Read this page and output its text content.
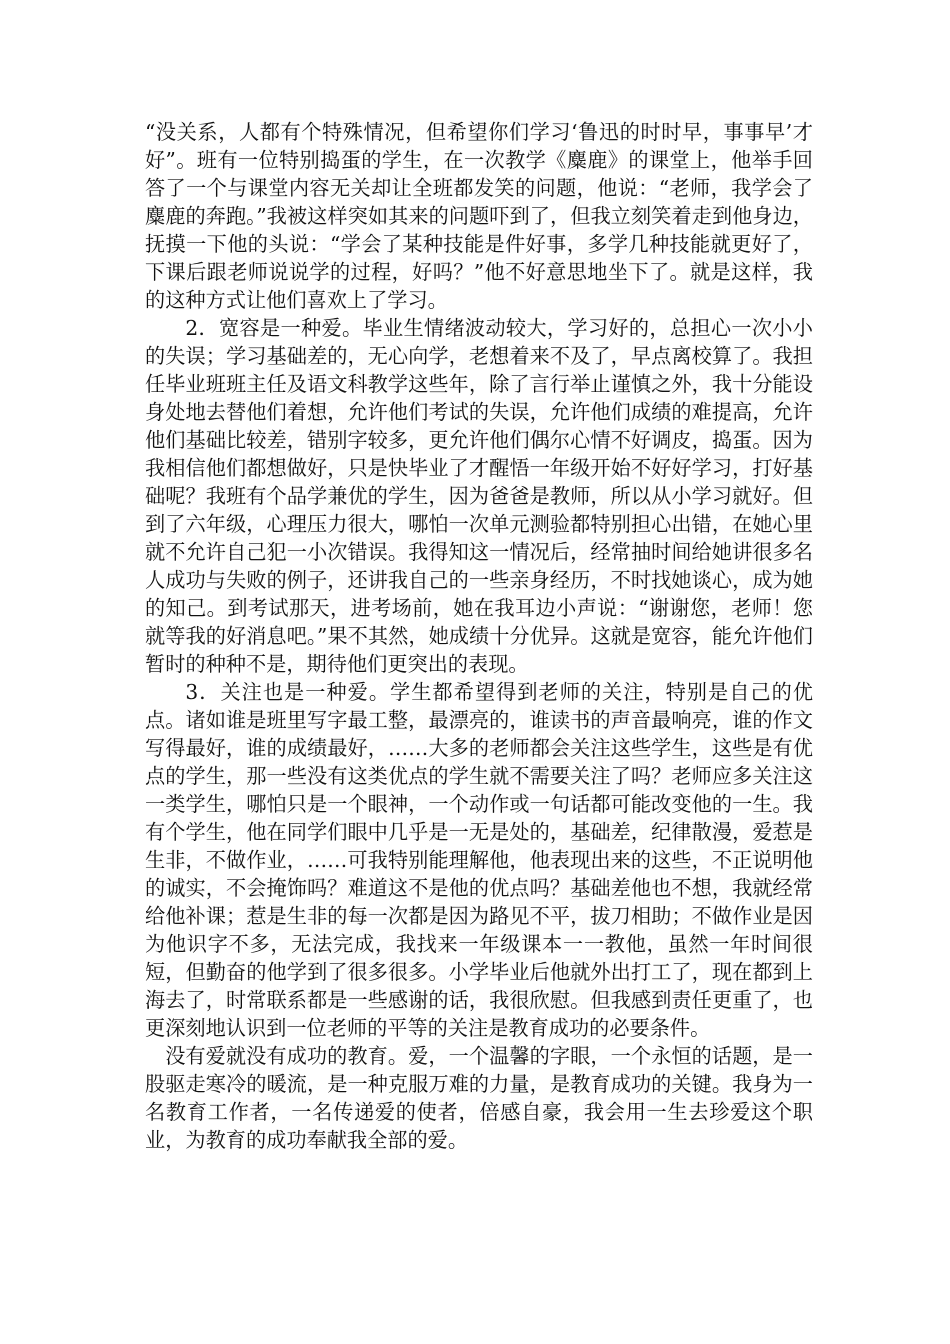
“没关系，人都有个特殊情况，但希望你们学习‘鲁迅的时时早，事事早’才好”。班有一位特别捣蛋的学生，在一次教学《麋鹿》的课堂上，他举手回答了一个与课堂内容无关却让全班都发笑的问题，他说：“老师，我学会了麋鹿的奔跑。”我被这样突如其来的问题吓到了，但我立刻笑着走到他身边，抚摸一下他的头说：“学会了某种技能是件好事，多学几种技能就更好了，下课后跟老师说说学的过程，好吗？”他不好意思地坐下了。就是这样，我的这种方式让他们喜欢上了学习。

2．宽容是一种爱。毕业生情绪波动较大，学习好的，总担心一次小小的失误；学习基础差的，无心向学，老想着来不及了，早点离校算了。我担任毕业班班主任及语文科教学这些年，除了言行举止谨慎之外，我十分能设身处地去替他们着想，允许他们考试的失误，允许他们成绩的难提高，允许他们基础比较差，错别字较多，更允许他们偶尔心情不好调皮，捣蛋。因为我相信他们都想做好，只是快毕业了才醒悟一年级开始不好好学习，打好基础呢？我班有个品学兼优的学生，因为爸爸是教师，所以从小学习就好。但到了六年级，心理压力很大，哪怕一次单元测验都特别担心出错，在她心里就不允许自己犯一小次错误。我得知这一情况后，经常抽时间给她讲很多名人成功与失败的例子，还讲我自己的一些亲身经历，不时找她谈心，成为她的知己。到考试那天，进考场前，她在我耳边小声说：“谢谢您，老师！您就等我的好消息吧。”果不其然，她成绩十分优异。这就是宽容，能允许他们暂时的种种不是，期待他们更突出的表现。

3．关注也是一种爱。学生都希望得到老师的关注，特别是自己的优点。诸如谁是班里写字最工整，最漂亮的，谁读书的声音最响亮，谁的作文写得最好，谁的成绩最好，……大多的老师都会关注这些学生，这些是有优点的学生，那一些没有这类优点的学生就不需要关注了吗？老师应多关注这一类学生，哪怕只是一个眼神，一个动作或一句话都可能改变他的一生。我有个学生，他在同学们眼中几乎是一无是处的，基础差，纪律散漫，爱惹是生非，不做作业，……可我特别能理解他，他表现出来的这些，不正说明他的诚实，不会掩饰吗？难道这不是他的优点吗？基础差他也不想，我就经常给他补课；惹是生非的每一次都是因为路见不平，拔刀相助；不做作业是因为他识字不多，无法完成，我找来一年级课本一一教他，虽然一年时间很短，但勤奋的他学到了很多很多。小学毕业后他就外出打工了，现在都到上海去了，时常联系都是一些感谢的话，我很欣慰。但我感到责任更重了，也更深刻地认识到一位老师的平等的关注是教育成功的必要条件。

没有爱就没有成功的教育。爱，一个温馨的字眼，一个永恒的话题，是一股驱走寒冷的暖流，是一种克服万难的力量，是教育成功的关键。我身为一名教育工作者，一名传递爱的使者，倍感自豪，我会用一生去珍爱这个职业，为教育的成功奉献我全部的爱。
